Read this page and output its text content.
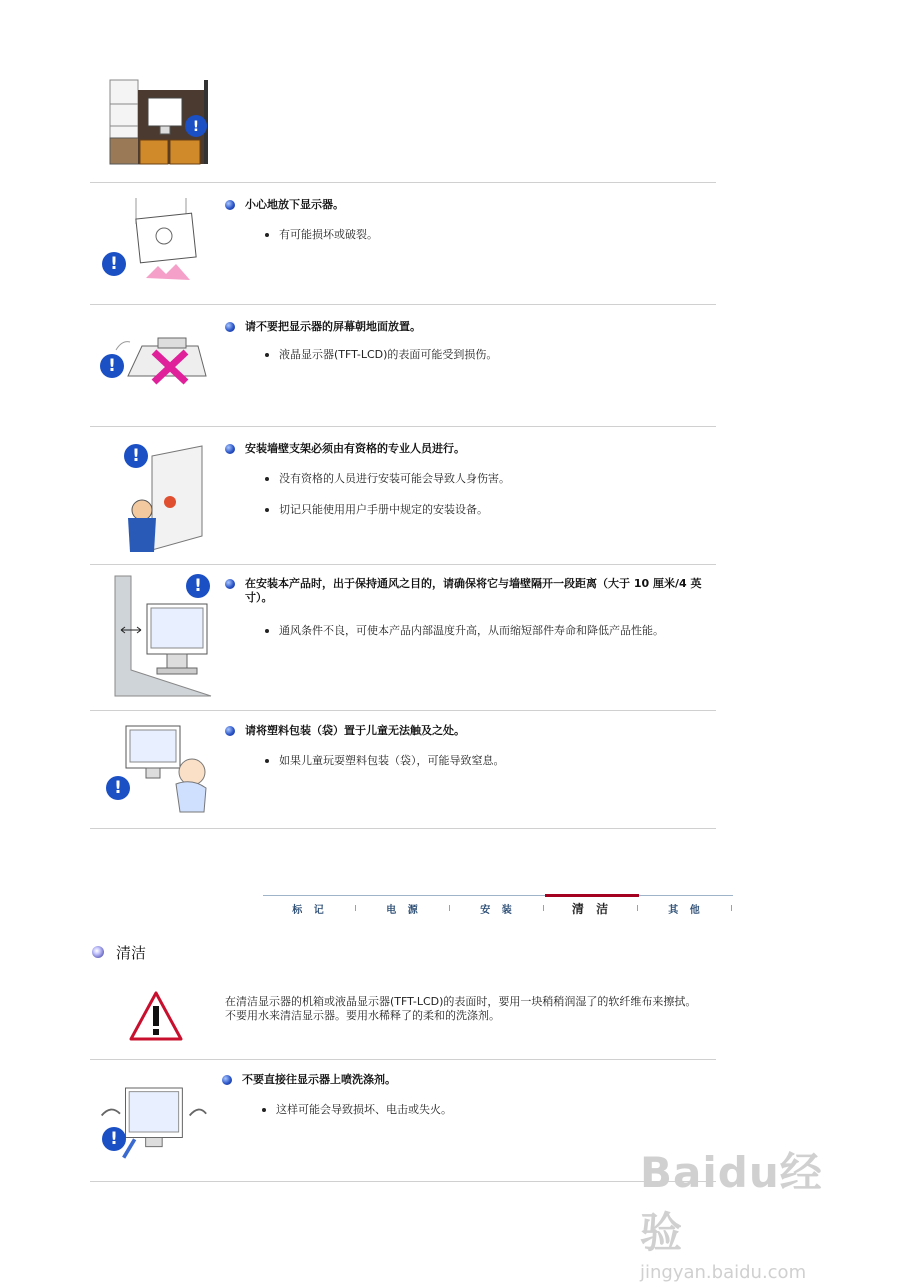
!
!
小心地放下显示器。
有可能损坏或破裂。
!
请不要把显示器的屏幕朝地面放置。
液晶显示器(TFT-LCD)的表面可能受到损伤。
!	安装墙壁支架必须由有资格的专业人员进行。
没有资格的人员进行安装可能会导致人身伤害。
切记只能使用用户手册中规定的安装设备。
!	在安装本产品时，出于保持通风之目的，请确保将它与墙壁隔开一段距离（大于 10 厘米/4 英寸）。
通风条件不良，可使本产品内部温度升高，从而缩短部件寿命和降低产品性能。
!
请将塑料包装（袋）置于儿童无法触及之处。
如果儿童玩耍塑料包装（袋），可能导致窒息。
标 记	电 源	安 装	清 洁	其 他
清洁
在清洁显示器的机箱或液晶显示器(TFT-LCD)的表面时，要用一块稍稍润湿了的软纤维布来擦拭。
不要用水来清洁显示器。要用水稀释了的柔和的洗涤剂。
!
不要直接往显示器上喷洗涤剂。
这样可能会导致损坏、电击或失火。
Baidu经验
jingyan.baidu.com
